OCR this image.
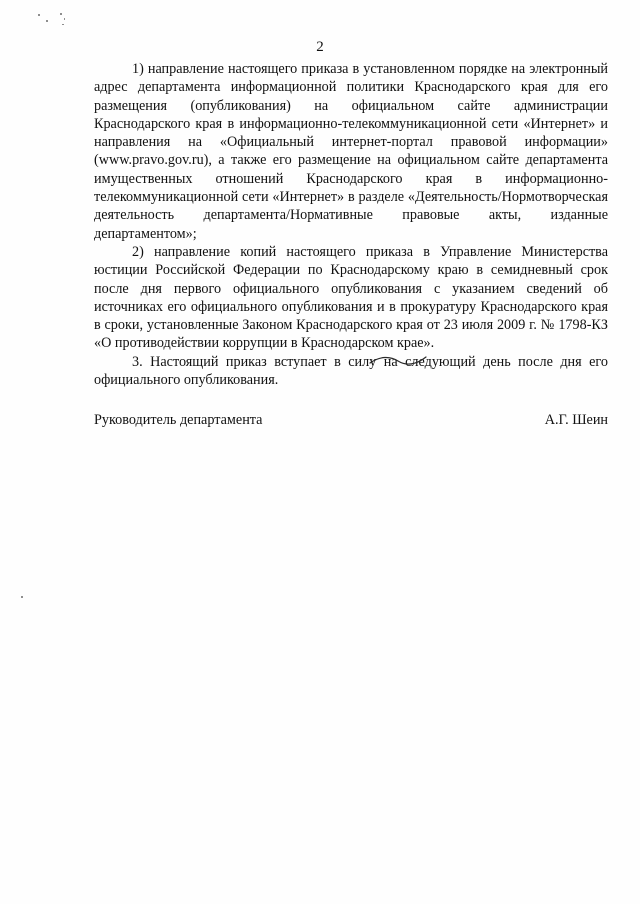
2

1) направление настоящего приказа в установленном порядке на электронный адрес департамента информационной политики Краснодарского края для его размещения (опубликования) на официальном сайте администрации Краснодарского края в информационно-телекоммуникационной сети «Интернет» и направления на «Официальный интернет-портал правовой информации» (www.pravo.gov.ru), а также его размещение на официальном сайте департамента имущественных отношений Краснодарского края в информационно-телекоммуникационной сети «Интернет» в разделе «Деятельность/Нормотворческая деятельность департамента/Нормативные правовые акты, изданные департаментом»;

2) направление копий настоящего приказа в Управление Министерства юстиции Российской Федерации по Краснодарскому краю в семидневный срок после дня первого официального опубликования с указанием сведений об источниках его официального опубликования и в прокуратуру Краснодарского края в сроки, установленные Законом Краснодарского края от 23 июля 2009 г. № 1798-КЗ «О противодействии коррупции в Краснодарском крае».

3. Настоящий приказ вступает в силу на следующий день после дня его официального опубликования.

Руководитель департамента	А.Г. Шеин
